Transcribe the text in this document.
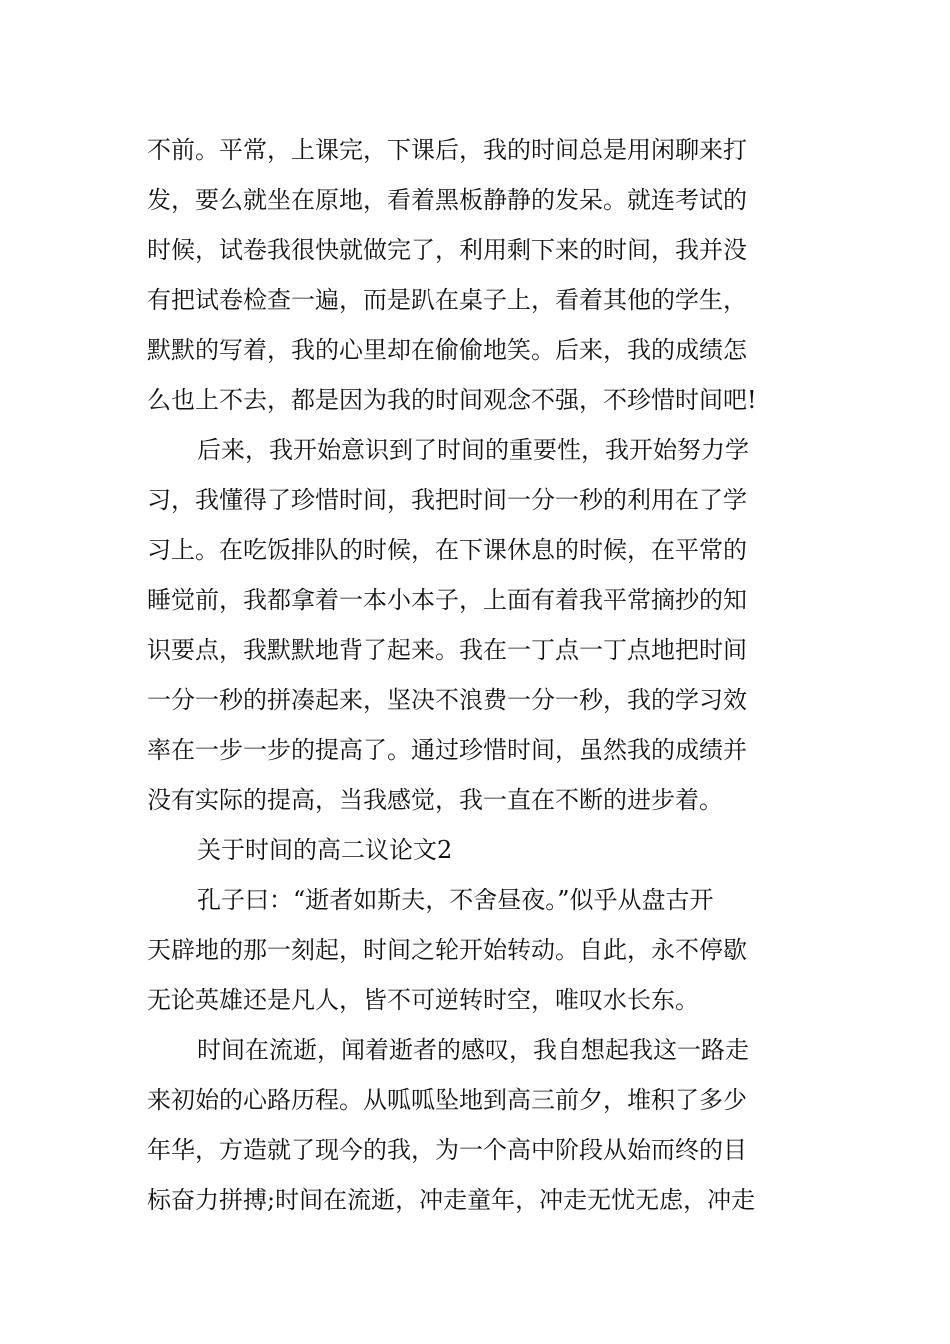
不前。平常，上课完，下课后，我的时间总是用闲聊来打
发，要么就坐在原地，看着黑板静静的发呆。就连考试的
时候，试卷我很快就做完了，利用剩下来的时间，我并没
有把试卷检查一遍，而是趴在桌子上，看着其他的学生，
默默的写着，我的心里却在偷偷地笑。后来，我的成绩怎
么也上不去，都是因为我的时间观念不强，不珍惜时间吧!
后来，我开始意识到了时间的重要性，我开始努力学
习，我懂得了珍惜时间，我把时间一分一秒的利用在了学
习上。在吃饭排队的时候，在下课休息的时候，在平常的
睡觉前，我都拿着一本小本子，上面有着我平常摘抄的知
识要点，我默默地背了起来。我在一丁点一丁点地把时间
一分一秒的拼凑起来，坚决不浪费一分一秒，我的学习效
率在一步一步的提高了。通过珍惜时间，虽然我的成绩并
没有实际的提高，当我感觉，我一直在不断的进步着。
关于时间的高二议论文2
孔子曰：“逝者如斯夫，不舍昼夜。”似乎从盘古开
天辟地的那一刻起，时间之轮开始转动。自此，永不停歇
无论英雄还是凡人，皆不可逆转时空，唯叹水长东。
时间在流逝，闻着逝者的感叹，我自想起我这一路走
来初始的心路历程。从呱呱坠地到高三前夕，堆积了多少
年华，方造就了现今的我，为一个高中阶段从始而终的目
标奋力拼搏;时间在流逝，冲走童年，冲走无忧无虑，冲走
